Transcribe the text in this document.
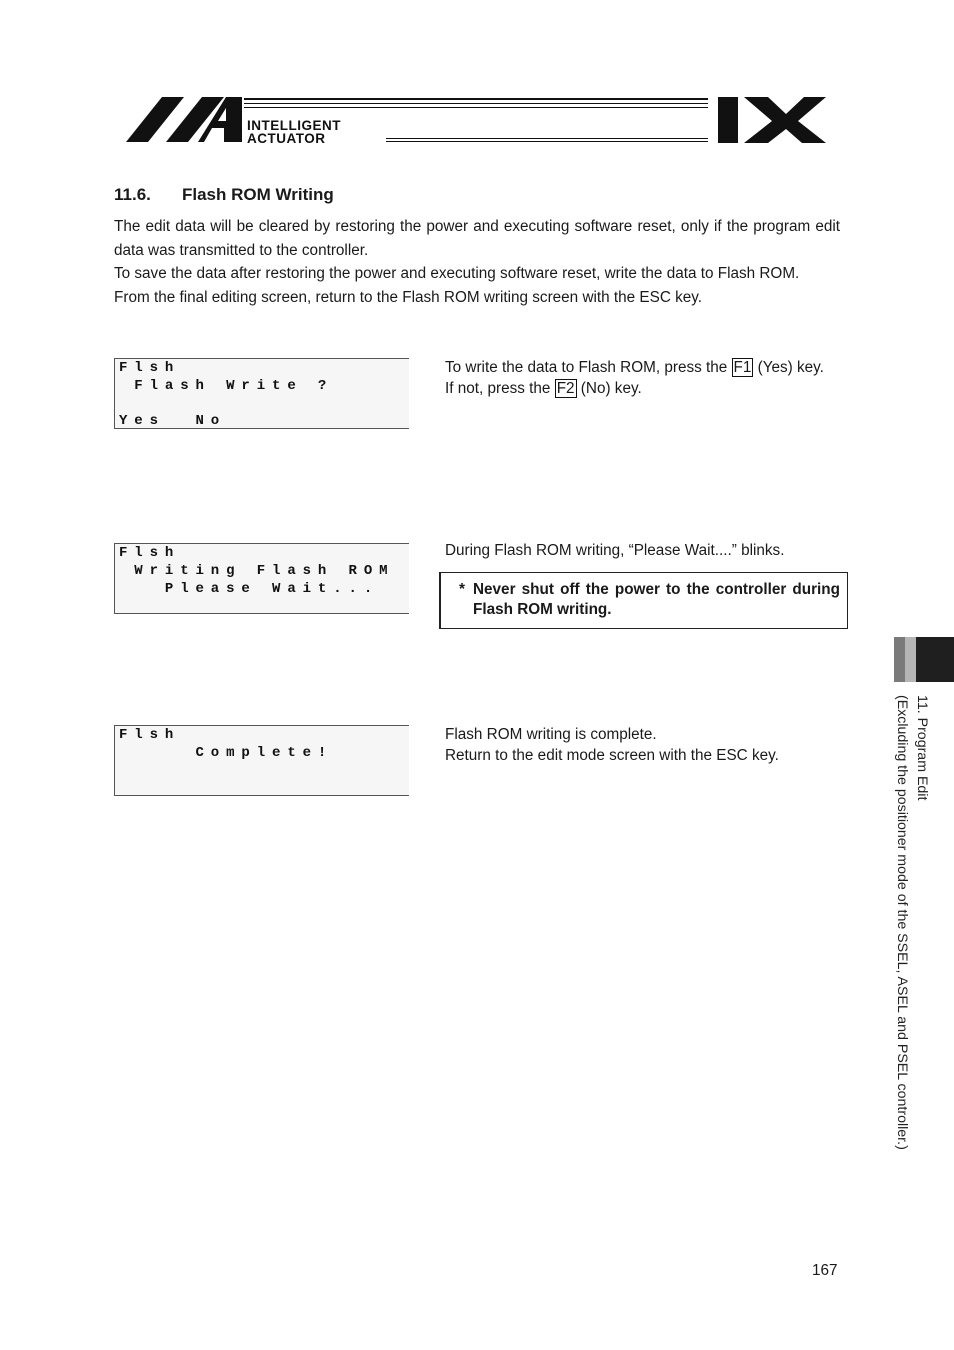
INTELLIGENT
ACTUATOR
11.6. Flash ROM Writing

The edit data will be cleared by restoring the power and executing software reset, only if the program edit data was transmitted to the controller.

To save the data after restoring the power and executing software reset, write the data to Flash ROM.

From the final editing screen, return to the Flash ROM writing screen with the ESC key.

Flsh
Flash Write ?
Yes  No
Flsh
Writing Flash ROM
Please Wait...
Flsh
Complete!

To write the data to Flash ROM, press the F1 (Yes) key.

If not, press the F2 (No) key.

During Flash ROM writing, “Please Wait....” blinks.

* Never shut off the power to the controller during Flash ROM writing.

Flash ROM writing is complete.

Return to the edit mode screen with the ESC key.	11. Program Edit
(Excluding the positioner mode of the SSEL, ASEL and PSEL controller.)
167
